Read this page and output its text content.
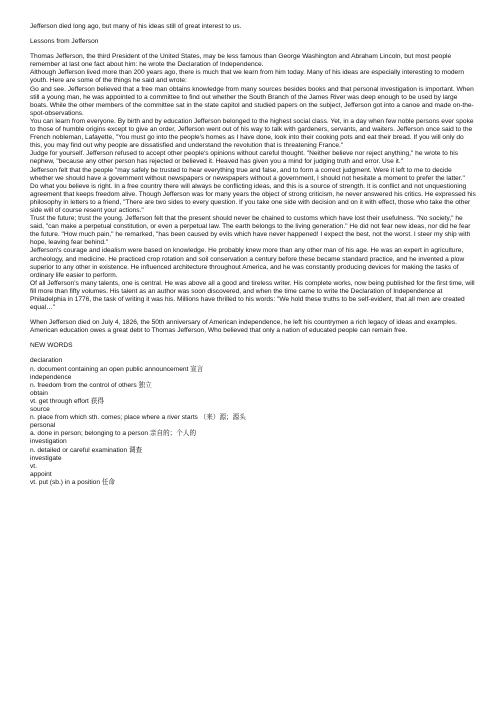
Jefferson died long ago, but many of his ideas still of great interest to us.

Lessons from Jefferson

Thomas Jefferson, the third President of the United States, may be less famous than George Washington and Abraham Lincoln, but most people remember at last one fact about him: he wrote the Declaration of Independence.

Although Jefferson lived more than 200 years ago, there is much that we learn from him today. Many of his ideas are especially interesting to modern youth. Here are some of the things he said and wrote:

Go and see. Jefferson believed that a free man obtains knowledge from many sources besides books and that personal investigation is important. When still a young man, he was appointed to a committee to find out whether the South Branch of the James River was deep enough to be used by large boats. While the other members of the committee sat in the state capitol and studied papers on the subject, Jefferson got into a canoe and made on-the-spot-observations.

You can learn from everyone. By birth and by education Jefferson belonged to the highest social class. Yet, in a day when few noble persons ever spoke to those of humble origins except to give an order, Jefferson went out of his way to talk with gardeners, servants, and waiters. Jefferson once said to the French nobleman, Lafayette, "You must go into the people's homes as I have done, look into their cooking pots and eat their bread. If you will only do this, you may find out why people are dissatisfied and understand the revolution that is threatening France."

Judge for yourself. Jefferson refused to accept other people's opinions without careful thought. "Neither believe nor reject anything," he wrote to his nephew, "because any other person has rejected or believed it. Heaved has given you a mind for judging truth and error. Use it."

Jefferson felt that the people "may safely be trusted to hear everything true and false, and to form a correct judgment. Were it left to me to decide whether we should have a government without newspapers or newspapers without a government, I should not hesitate a moment to prefer the latter."

Do what you believe is right. In a free country there will always be conflicting ideas, and this is a source of strength. It is conflict and not unquestioning agreement that keeps freedom alive. Though Jefferson was for many years the object of strong criticism, he never answered his critics. He expressed his philosophy in letters to a friend, "There are two sides to every question. If you take one side with decision and on it with effect, those who take the other side will of course resent your actions."

Trust the future; trust the young. Jefferson felt that the present should never be chained to customs which have lost their usefulness. "No society," he said, "can make a perpetual constitution, or even a perpetual law. The earth belongs to the living generation." He did not fear new ideas, nor did he fear the future. "How much pain," he remarked, "has been caused by evils which have never happened! I expect the best, not the worst. I steer my ship with hope, leaving fear behind."

Jefferson's courage and idealism were based on knowledge. He probably knew more than any other man of his age. He was an expert in agriculture, archeology, and medicine. He practiced crop rotation and soil conservation a century before these became standard practice, and he invented a plow superior to any other in existence. He influenced architecture throughout America, and he was constantly producing devices for making the tasks of ordinary life easier to perform.

Of all Jefferson's many talents, one is central. He was above all a good and tireless writer. His complete works, now being published for the first time, will fill more than fifty volumes. His talent as an author was soon discovered, and when the time came to write the Declaration of Independence at Philadelphia in 1776, the task of writing it was his. Millions have thrilled to his words: "We hold these truths to be self-evident, that all men are created equal…"

When Jefferson died on July 4, 1826, the 50th anniversary of American independence, he left his countrymen a rich legacy of ideas and examples. American education owes a great debt to Thomas Jefferson, Who believed that only a nation of educated people can remain free.

NEW WORDS

declaration

n. document containing an open public announcement 宣言

independence

n. freedom from the control of others 独立

obtain

vt. get through effort 获得

source

n. place from which sth. comes; place where a river starts （来）源；源头

personal

a. done in person; belonging to a person 亲自的；个人的

investigation

n. detailed or careful examination 调查

investigate

vt.

appoint

vt. put (sb.) in a position 任命
